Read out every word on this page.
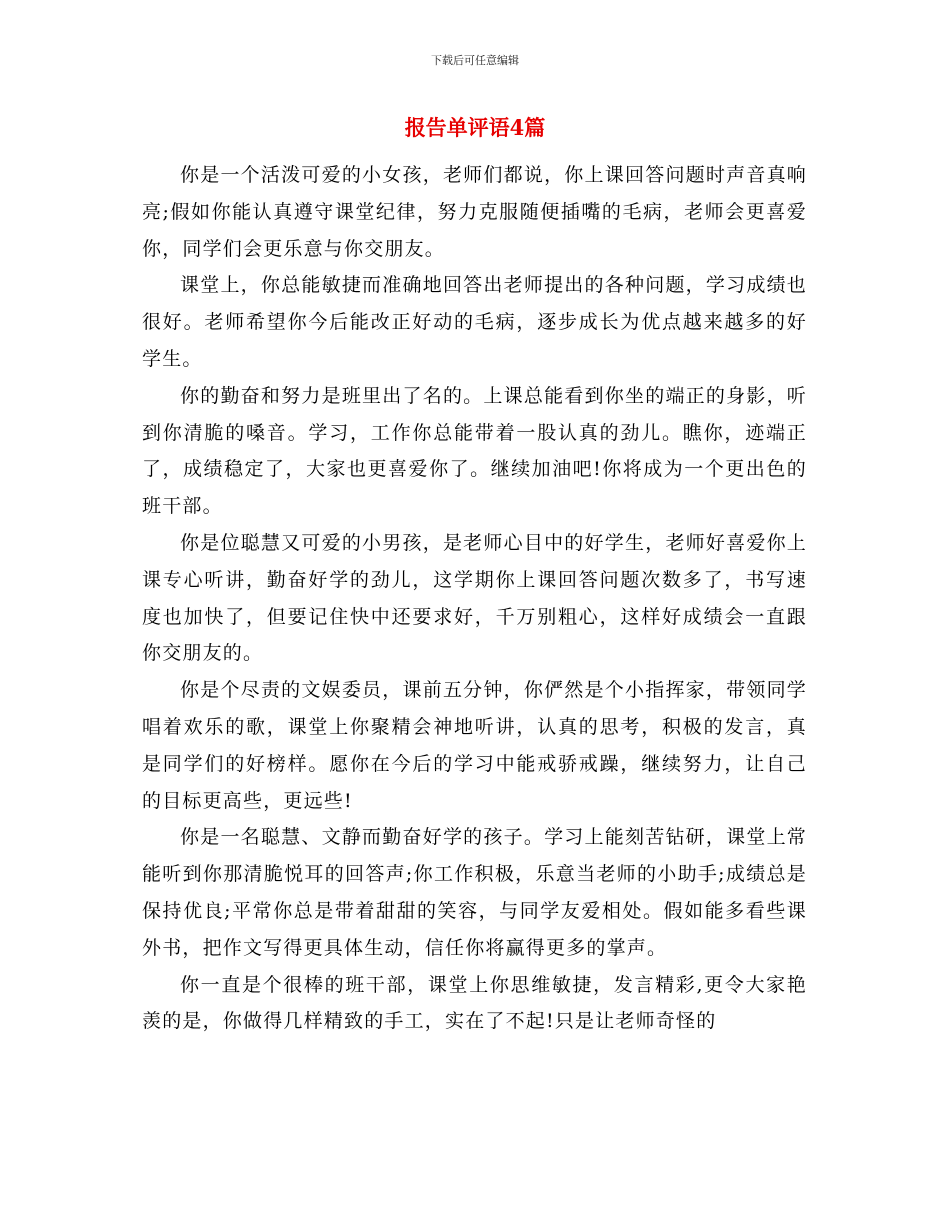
下载后可任意编辑
报告单评语4篇

你是一个活泼可爱的小女孩，老师们都说，你上课回答问题时声音真响亮;假如你能认真遵守课堂纪律，努力克服随便插嘴的毛病，老师会更喜爱你，同学们会更乐意与你交朋友。

课堂上，你总能敏捷而准确地回答出老师提出的各种问题，学习成绩也很好。老师希望你今后能改正好动的毛病，逐步成长为优点越来越多的好学生。

你的勤奋和努力是班里出了名的。上课总能看到你坐的端正的身影，听到你清脆的嗓音。学习，工作你总能带着一股认真的劲儿。瞧你，迹端正了，成绩稳定了，大家也更喜爱你了。继续加油吧!你将成为一个更出色的班干部。

你是位聪慧又可爱的小男孩，是老师心目中的好学生，老师好喜爱你上课专心听讲，勤奋好学的劲儿，这学期你上课回答问题次数多了，书写速度也加快了，但要记住快中还要求好，千万别粗心，这样好成绩会一直跟你交朋友的。

你是个尽责的文娱委员，课前五分钟，你俨然是个小指挥家，带领同学唱着欢乐的歌，课堂上你聚精会神地听讲，认真的思考，积极的发言，真是同学们的好榜样。愿你在今后的学习中能戒骄戒躁，继续努力，让自己的目标更高些，更远些!

你是一名聪慧、文静而勤奋好学的孩子。学习上能刻苦钻研，课堂上常能听到你那清脆悦耳的回答声;你工作积极，乐意当老师的小助手;成绩总是保持优良;平常你总是带着甜甜的笑容，与同学友爱相处。假如能多看些课外书，把作文写得更具体生动，信任你将赢得更多的掌声。

你一直是个很棒的班干部，课堂上你思维敏捷，发言精彩,更令大家艳羡的是，你做得几样精致的手工，实在了不起!只是让老师奇怪的
